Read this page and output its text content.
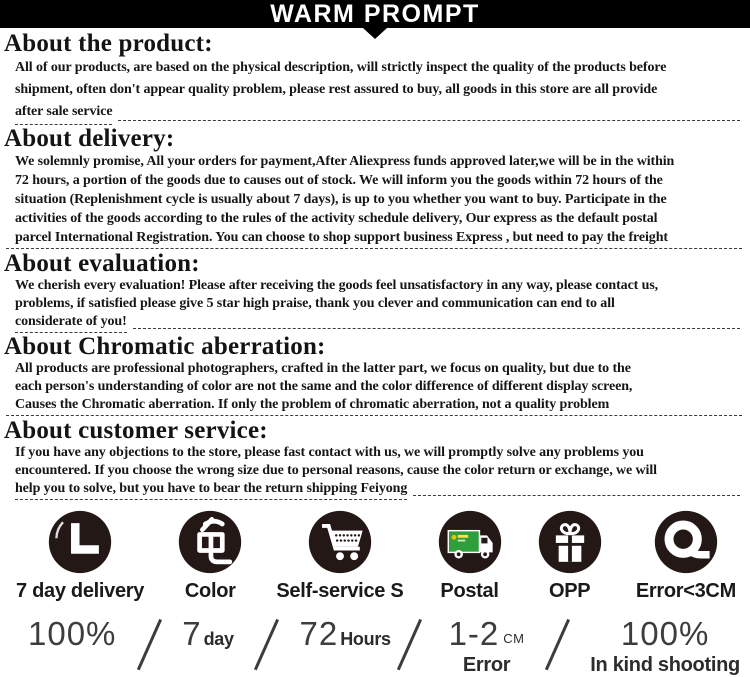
WARM PROMPT
About the product:
All of our products, are based on the physical description, will strictly inspect the quality of the products before
shipment, often don't appear quality problem, please rest assured to buy, all goods in this store are all provide
after sale service
About delivery:
We solemnly promise, All your orders for payment,After Aliexpress funds approved later,we will be in the within
72 hours, a portion of the goods due to causes out of stock. We will inform you the goods within 72 hours of the
situation (Replenishment cycle is usually about 7 days), is up to you whether you want to buy. Participate in the
activities of the goods according to the rules of the activity schedule delivery, Our express as the default postal
parcel International Registration. You can choose to shop support business Express , but need to pay the freight
About evaluation:
We cherish every evaluation! Please after receiving the goods feel unsatisfactory in any way, please contact us,
problems, if satisfied please give 5 star high praise, thank you clever and communication can end to all
considerate of you!
About Chromatic aberration:
All products are professional photographers, crafted in the latter part, we focus on quality, but due to the
each person's understanding of color are not the same and the color difference of different display screen,
Causes the Chromatic aberration. If only the problem of chromatic aberration, not a quality problem
About customer service:
If you have any objections to the store, please fast contact with us, we will promptly solve any problems you
encountered. If you choose the wrong size due to personal reasons, cause the color return or exchange, we will
help you to solve, but you have to bear the return shipping Feiyong
7 day delivery Color Self-service S Postal	OPP Error<3CM
100% 7 day 72 Hours 1-2 CM
Error
100%
In kind shooting
